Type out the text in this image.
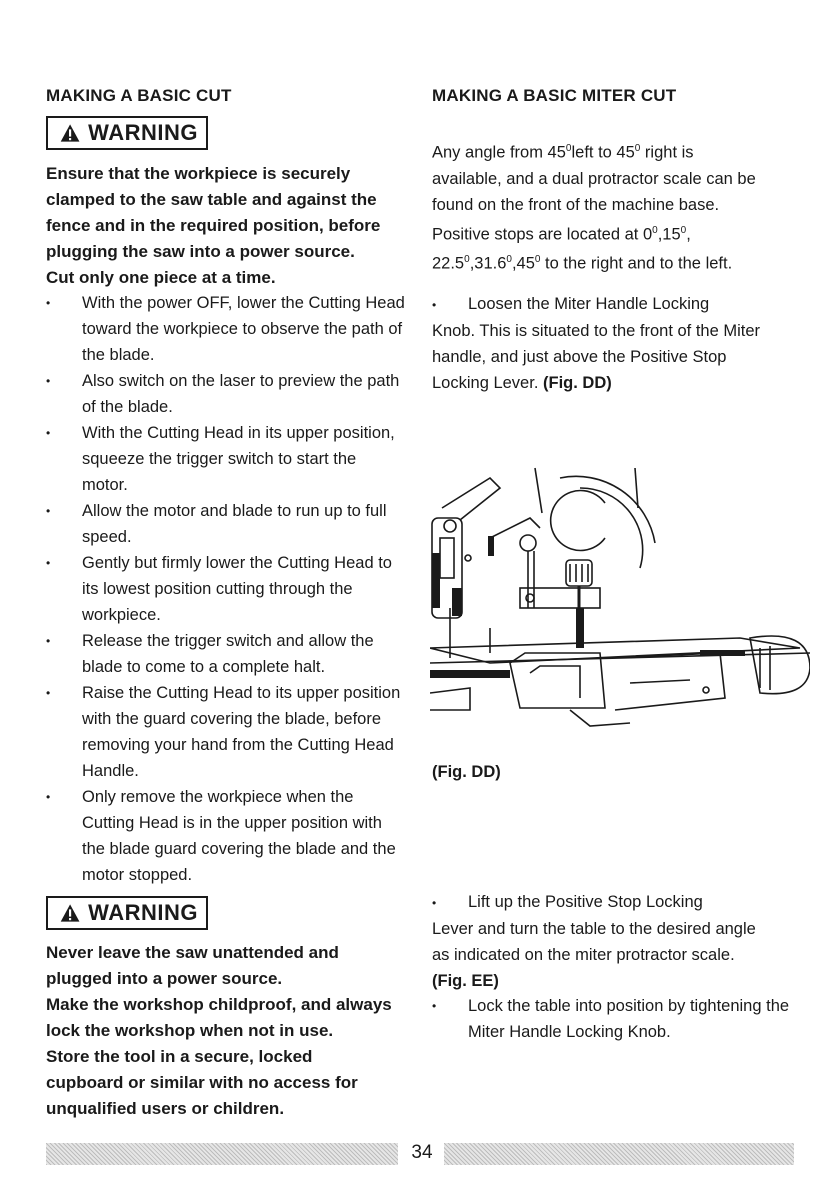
MAKING A BASIC CUT
WARNING
Ensure that the workpiece is securely
clamped to the saw table and against the
fence and in the required position, before
plugging the saw into a power source.
Cut only one piece at a time.
• With the power OFF, lower the Cutting Head toward the workpiece to observe the path of the blade.
• Also switch on the laser to preview the path of the blade.
• With the Cutting Head in its upper position, squeeze the trigger switch to start the motor.
• Allow the motor and blade to run up to full speed.
• Gently but firmly lower the Cutting Head to its lowest position cutting through the workpiece.
• Release the trigger switch and allow the blade to come to a complete halt.
• Raise the Cutting Head to its upper position with the guard covering the blade, before removing your hand from the Cutting Head Handle.
• Only remove the workpiece when the Cutting Head is in the upper position with the blade guard covering the blade and the motor stopped.
WARNING
Never leave the saw unattended and
plugged into a power source.
Make the workshop childproof, and always
lock the workshop when not in use.
Store the tool in a secure, locked
cupboard or similar with no access for
unqualified users or children.
MAKING A BASIC MITER CUT
Any angle from $45^0left$ to $45^0$ right is
available, and a dual protractor scale can be
found on the front of the machine base.
Positive stops are located at $0^0,15^0$,
$22.5^0,31.6^0,45^0$ to the right and to the left.
• Loosen the Miter Handle Locking
Knob. This is situated to the front of the Miter
handle, and just above the Positive Stop
Locking Lever. (Fig. DD)
(Fig. DD)
• Lift up the Positive Stop Locking
Lever and turn the table to the desired angle
as indicated on the miter protractor scale.
(Fig. EE)
• Lock the table into position by tightening the Miter Handle Locking Knob.
34
